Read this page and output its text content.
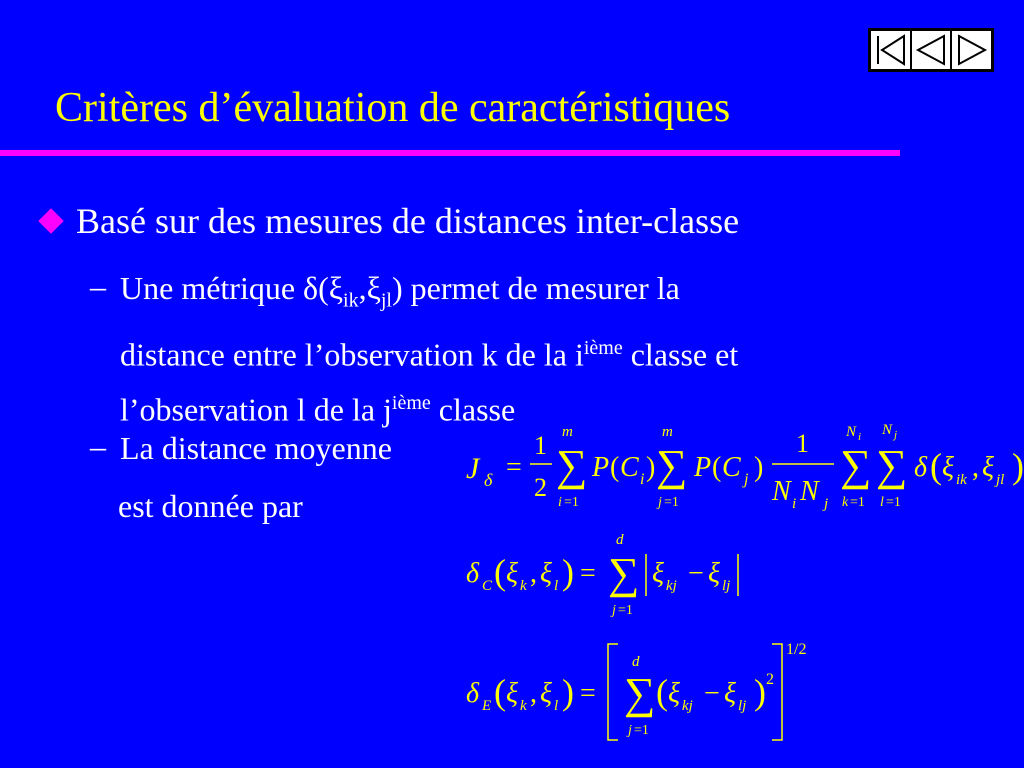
Critères d’évaluation de caractéristiques
Basé sur des mesures de distances inter-classe
– Une métrique $\delta(\xi_{ik},\xi_{jl})$ permet de mesurer la
distance entre l’observation k de la $i^{ième}$ classe et
l’observation l de la $j^{ième}$ classe
– La distance moyenne
est donnée par
J δ =
1
2 ∑
m
i =1
P ( C i ) ∑
m
j =1
P ( C j )
1
N i N j
∑
N i
k =1
∑
N j
l =1
δ ( ξ ik , ξ jl )
δ C ( ξ k , ξ l ) = ∑
d
j =1
ξ kj − ξ lj
δ E ( ξ k , ξ l ) = ∑
d
j =1
( ξ kj − ξ lj ) 2
1/2
